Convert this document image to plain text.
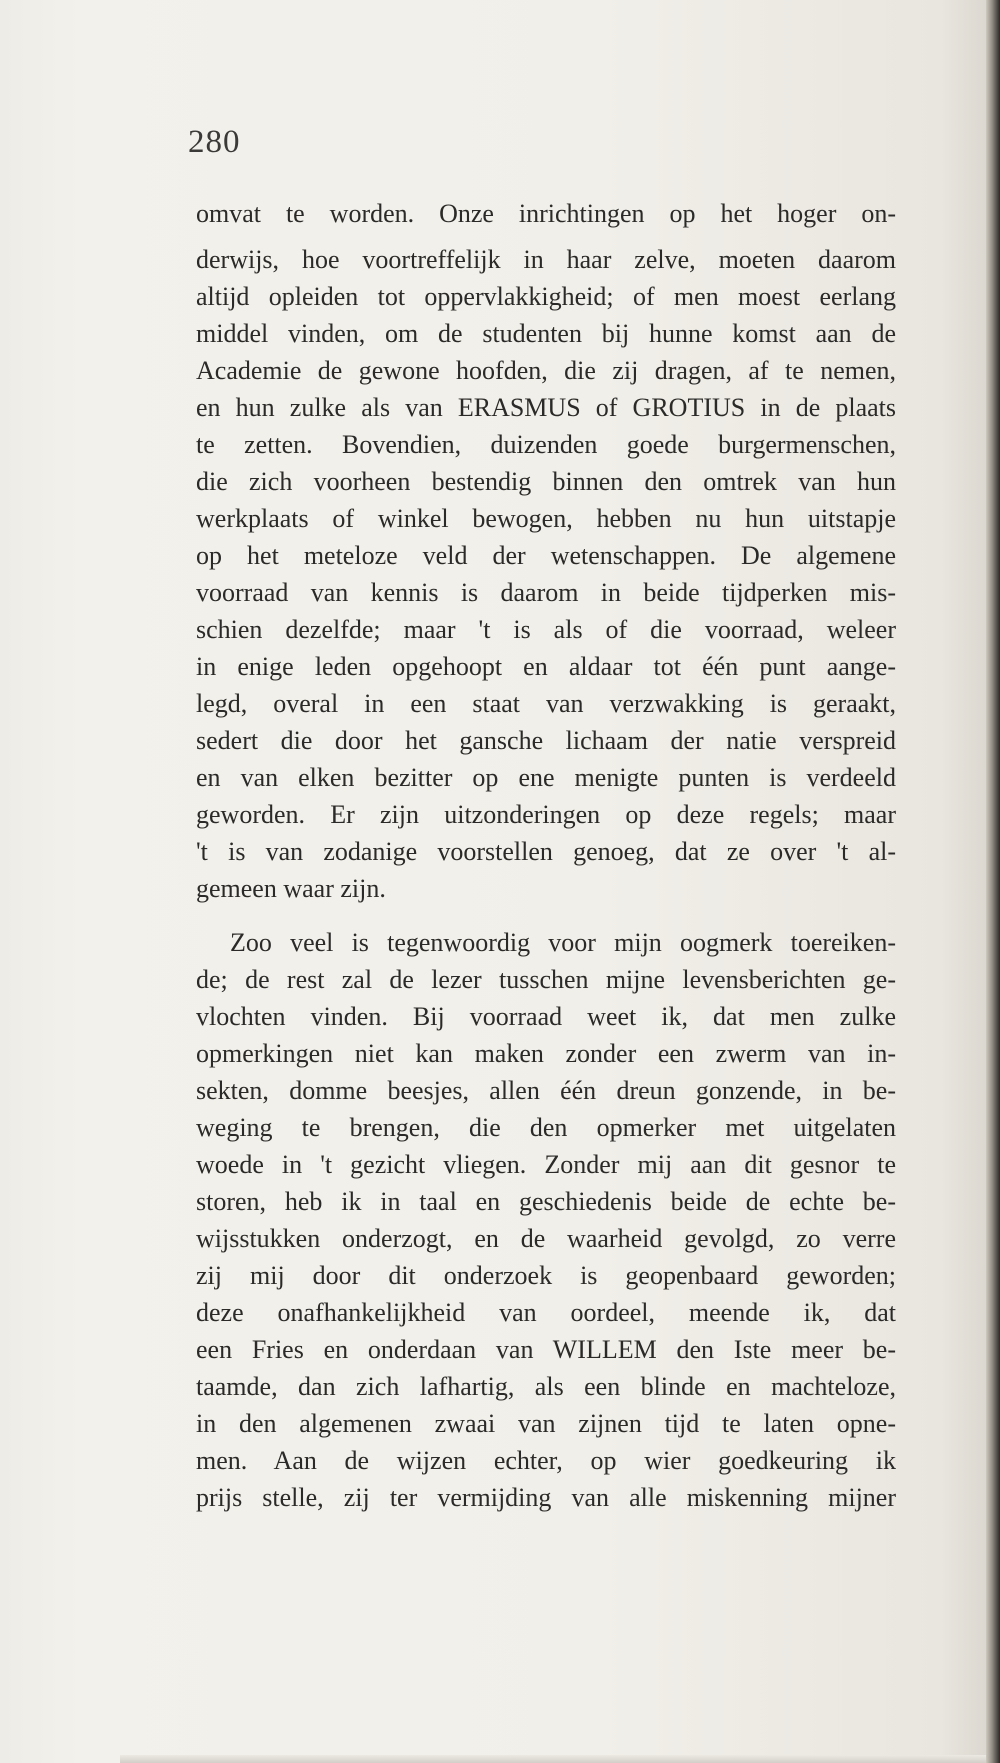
280
omvat te worden. Onze inrichtingen op het hoger on-
derwijs, hoe voortreffelijk in haar zelve, moeten daarom
altijd opleiden tot oppervlakkigheid; of men moest eerlang
middel vinden, om de studenten bij hunne komst aan de
Academie de gewone hoofden, die zij dragen, af te nemen,
en hun zulke als van ERASMUS of GROTIUS in de plaats
te zetten. Bovendien, duizenden goede burgermenschen,
die zich voorheen bestendig binnen den omtrek van hun
werkplaats of winkel bewogen, hebben nu hun uitstapje
op het meteloze veld der wetenschappen. De algemene
voorraad van kennis is daarom in beide tijdperken mis-
schien dezelfde; maar 't is als of die voorraad, weleer
in enige leden opgehoopt en aldaar tot één punt aange-
legd, overal in een staat van verzwakking is geraakt,
sedert die door het gansche lichaam der natie verspreid
en van elken bezitter op ene menigte punten is verdeeld
geworden. Er zijn uitzonderingen op deze regels; maar
't is van zodanige voorstellen genoeg, dat ze over 't al-
gemeen waar zijn.
Zoo veel is tegenwoordig voor mijn oogmerk toereiken-
de; de rest zal de lezer tusschen mijne levensberichten ge-
vlochten vinden. Bij voorraad weet ik, dat men zulke
opmerkingen niet kan maken zonder een zwerm van in-
sekten, domme beesjes, allen één dreun gonzende, in be-
weging te brengen, die den opmerker met uitgelaten
woede in 't gezicht vliegen. Zonder mij aan dit gesnor te
storen, heb ik in taal en geschiedenis beide de echte be-
wijsstukken onderzogt, en de waarheid gevolgd, zo verre
zij mij door dit onderzoek is geopenbaard geworden;
deze onafhankelijkheid van oordeel, meende ik, dat
een Fries en onderdaan van WILLEM den Iste meer be-
taamde, dan zich lafhartig, als een blinde en machteloze,
in den algemenen zwaai van zijnen tijd te laten opne-
men. Aan de wijzen echter, op wier goedkeuring ik
prijs stelle, zij ter vermijding van alle miskenning mijner
